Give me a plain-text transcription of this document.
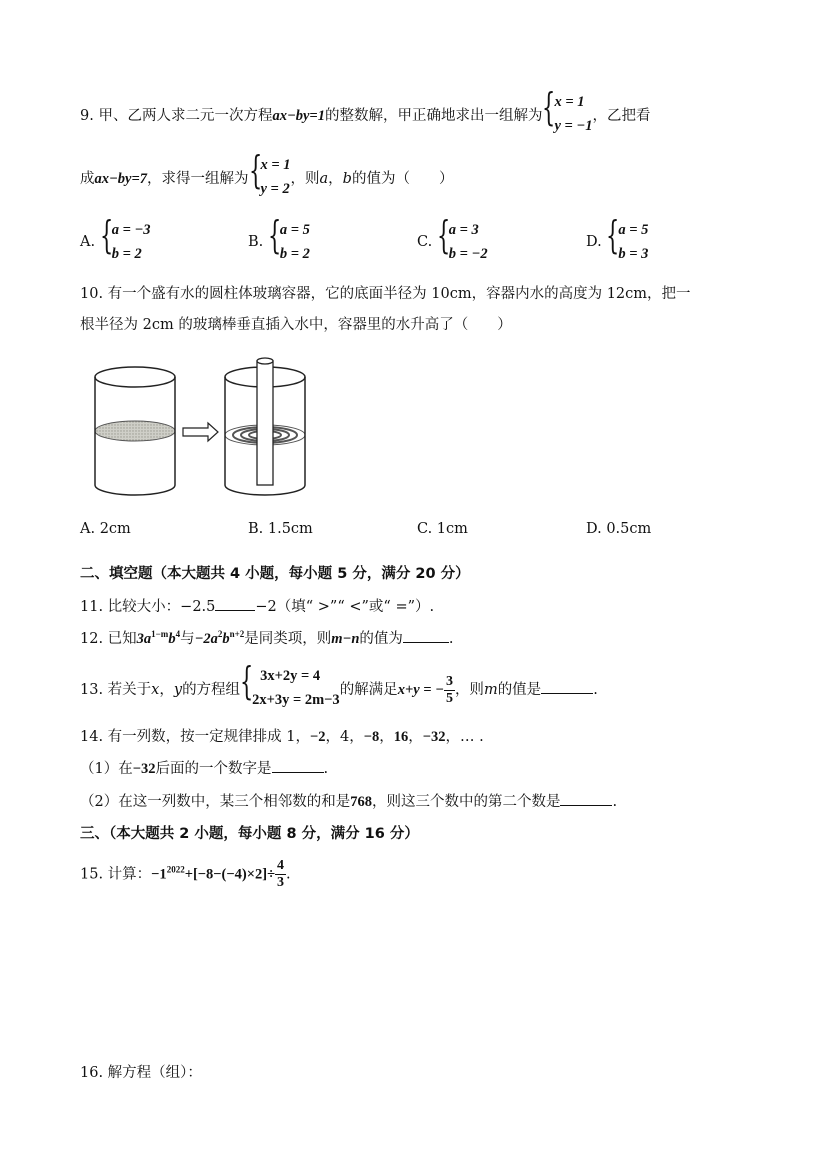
9. 甲、乙两人求二元一次方程ax−by=1的整数解，甲正确地求出一组解为 {
x = 1
y = −1
，乙把看
成ax−by=7，求得一组解为 {
x = 1
y = 2
，则a，b的值为（　　）
A. {
a = −3
b = 2
B. {
a = 5
b = 2
C. {
a = 3
b = −2
D. {
a = 5
b = 3
10. 有一个盛有水的圆柱体玻璃容器，它的底面半径为 10cm，容器内水的高度为 12cm，把一
根半径为 2cm 的玻璃棒垂直插入水中，容器里的水升高了（　　）
A. 2cm	B. 1.5cm	C. 1cm	D. 0.5cm
二、填空题（本大题共 4 小题，每小题 5 分，满分 20 分）
11. 比较大小：−2.5	−2（填“ >”“ <”或“ =”）.
12. 已知$3a^{1-m}b^4$与$-2a^2b^{n+2}$是同类项，则m−n的值为	.
13. 若关于x，y的方程组 { 3x+2y = 4
2x+3y = 2m−3
的解满足x+y = − $\frac{3}{5}$ ，则m的值是	.
14. 有一列数，按一定规律排成 1，−2，4，−8，16，−32，… .
（1）在−32后面的一个数字是	.
（2）在这一列数中，某三个相邻数的和是768，则这三个数中的第二个数是	.
三、（本大题共 2 小题，每小题 8 分，满分 16 分）
15. 计算：$-1^{2022}+[-8-(-4)\times 2]\div \frac{4}{3}$ .
16. 解方程（组）：
